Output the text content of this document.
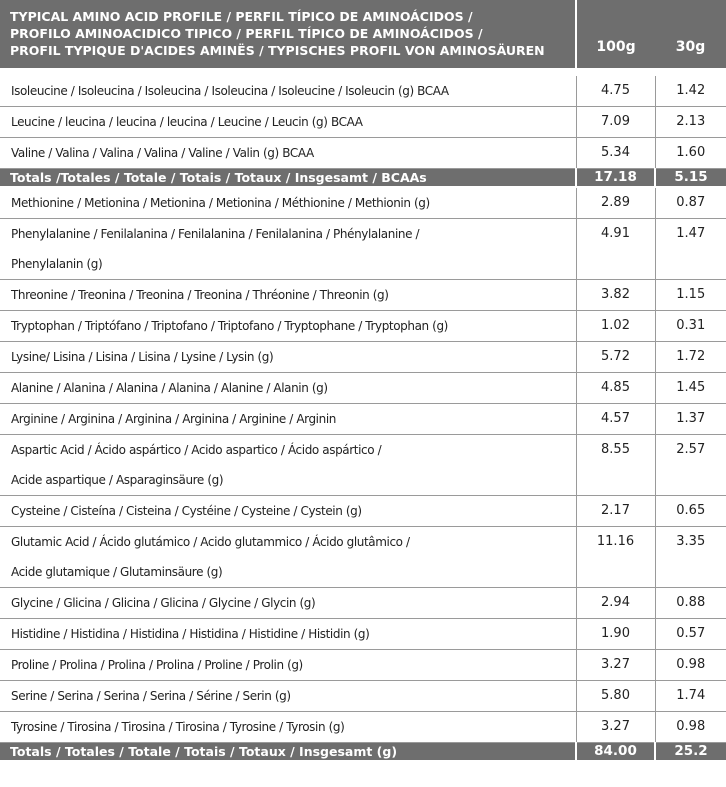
TYPICAL AMINO ACID PROFILE / PERFIL TÍPICO DE AMINOÁCIDOS /
PROFILO AMINOACIDICO TIPICO / PERFIL TÍPICO DE AMINOÁCIDOS /
PROFIL TYPIQUE D'ACIDES AMINËS / TYPISCHES PROFIL VON AMINOSÄUREN	100g	30g
Isoleucine / Isoleucina / Isoleucina / Isoleucina / Isoleucine / Isoleucin (g) BCAA	4.75	1.42
Leucine / leucina / leucina / leucina / Leucine / Leucin (g) BCAA	7.09	2.13
Valine / Valina / Valina / Valina / Valine / Valin (g) BCAA	5.34	1.60
Totals /Totales / Totale / Totais / Totaux / Insgesamt / BCAAs	17.18	5.15
Methionine / Metionina / Metionina / Metionina / Méthionine / Methionin (g)	2.89	0.87
Phenylalanine / Fenilalanina / Fenilalanina / Fenilalanina / Phénylalanine /
Phenylalanin (g)	4.91	1.47
Threonine / Treonina / Treonina / Treonina / Thréonine / Threonin (g)	3.82	1.15
Tryptophan / Triptófano / Triptofano / Triptofano / Tryptophane / Tryptophan (g)	1.02	0.31
Lysine/ Lisina / Lisina / Lisina / Lysine / Lysin (g)	5.72	1.72
Alanine / Alanina / Alanina / Alanina / Alanine / Alanin (g)	4.85	1.45
Arginine / Arginina / Arginina / Arginina / Arginine / Arginin	4.57	1.37
Aspartic Acid / Ácido aspártico / Acido aspartico / Ácido aspártico /
Acide aspartique / Asparaginsäure (g)	8.55	2.57
Cysteine / Cisteína / Cisteina / Cystéine / Cysteine / Cystein (g)	2.17	0.65
Glutamic Acid / Ácido glutámico / Acido glutammico / Ácido glutâmico /
Acide glutamique / Glutaminsäure (g)	11.16	3.35
Glycine / Glicina / Glicina / Glicina / Glycine / Glycin (g)	2.94	0.88
Histidine / Histidina / Histidina / Histidina / Histidine / Histidin (g)	1.90	0.57
Proline / Prolina / Prolina / Prolina / Proline / Prolin (g)	3.27	0.98
Serine / Serina / Serina / Serina / Sérine / Serin (g)	5.80	1.74
Tyrosine / Tirosina / Tirosina / Tirosina / Tyrosine / Tyrosin (g)	3.27	0.98
Totals / Totales / Totale / Totais / Totaux / Insgesamt (g)	84.00	25.2
